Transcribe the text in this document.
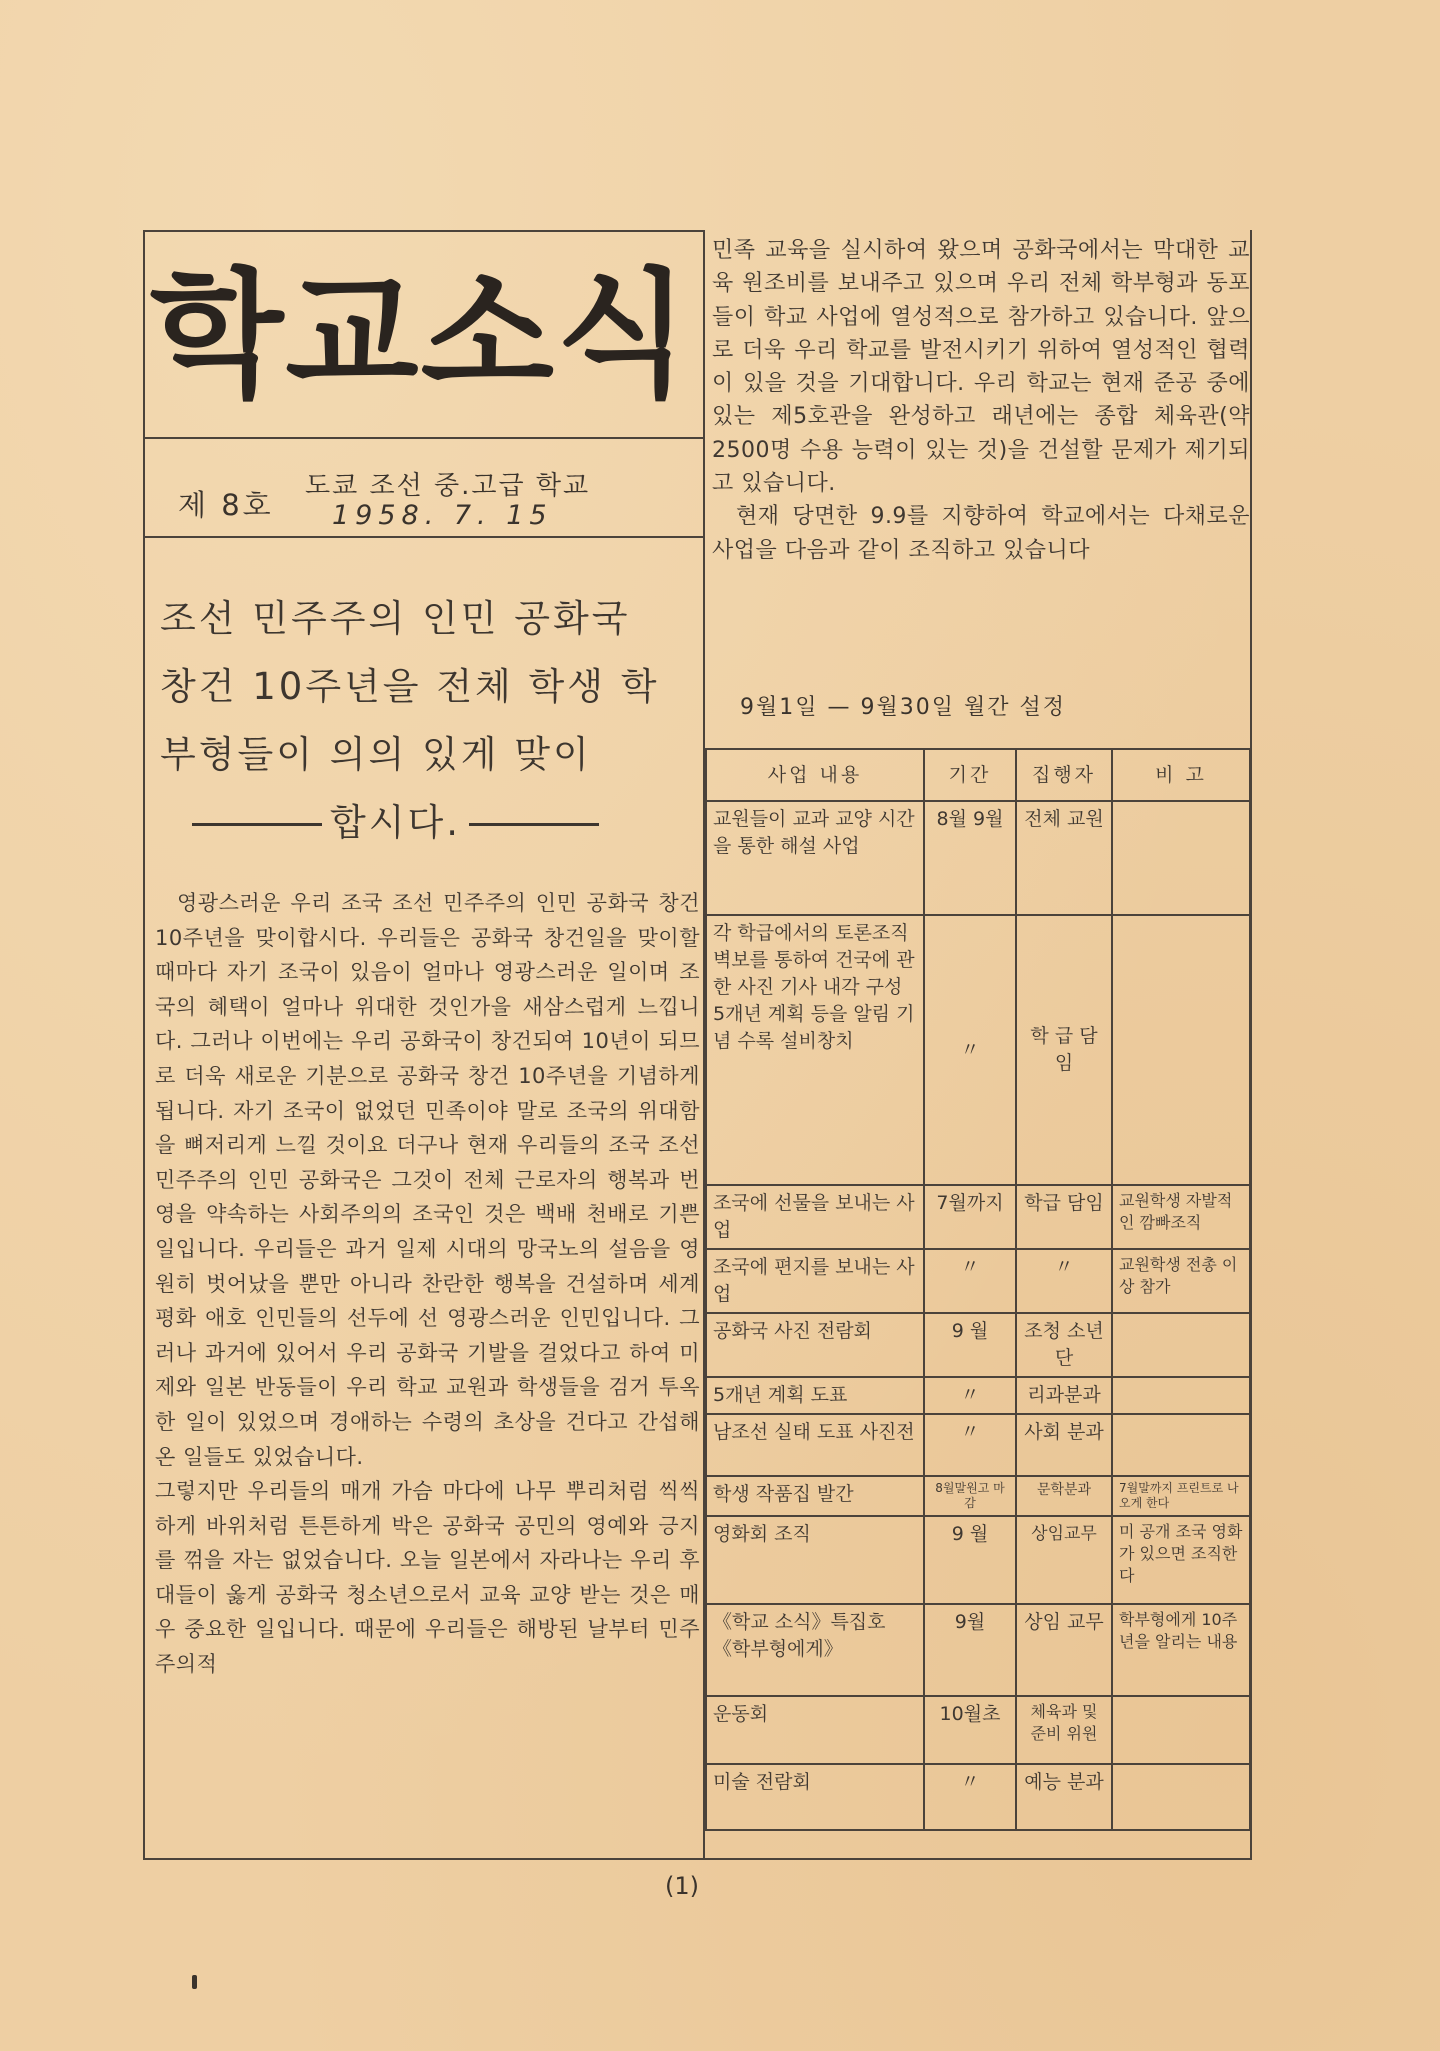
학교소식
제 8호
도쿄 조선 중.고급 학교
1958. 7. 15
조선 민주주의 인민 공화국
창건 10주년을 전체 학생 학
부형들이 의의 있게 맞이
합시다.

영광스러운 우리 조국 조선 민주주의 인민 공화국 창건 10주년을 맞이합시다. 우리들은 공화국 창건일을 맞이할 때마다 자기 조국이 있음이 얼마나 영광스러운 일이며 조국의 혜택이 얼마나 위대한 것인가을 새삼스럽게 느낍니다. 그러나 이번에는 우리 공화국이 창건되여 10년이 되므로 더욱 새로운 기분으로 공화국 창건 10주년을 기념하게 됩니다. 자기 조국이 없었던 민족이야 말로 조국의 위대함을 뼈저리게 느낄 것이요 더구나 현재 우리들의 조국 조선 민주주의 인민 공화국은 그것이 전체 근로자의 행복과 번영을 약속하는 사회주의의 조국인 것은 백배 천배로 기쁜 일입니다. 우리들은 과거 일제 시대의 망국노의 설음을 영원히 벗어났을 뿐만 아니라 찬란한 행복을 건설하며 세계 평화 애호 인민들의 선두에 선 영광스러운 인민입니다. 그러나 과거에 있어서 우리 공화국 기발을 걸었다고 하여 미제와 일본 반동들이 우리 학교 교원과 학생들을 검거 투옥한 일이 있었으며 경애하는 수령의 초상을 건다고 간섭해 온 일들도 있었습니다.

그렇지만 우리들의 매개 가슴 마다에 나무 뿌리처럼 씩씩하게 바위처럼 튼튼하게 박은 공화국 공민의 영예와 긍지를 꺾을 자는 없었습니다. 오늘 일본에서 자라나는 우리 후대들이 옳게 공화국 청소년으로서 교육 교양 받는 것은 매우 중요한 일입니다. 때문에 우리들은 해방된 날부터 민주주의적

민족 교육을 실시하여 왔으며 공화국에서는 막대한 교육 원조비를 보내주고 있으며 우리 전체 학부형과 동포들이 학교 사업에 열성적으로 참가하고 있습니다. 앞으로 더욱 우리 학교를 발전시키기 위하여 열성적인 협력이 있을 것을 기대합니다. 우리 학교는 현재 준공 중에 있는 제5호관을 완성하고 래년에는 종합 체육관(약 2500명 수용 능력이 있는 것)을 건설할 문제가 제기되고 있습니다.

현재 당면한 9.9를 지향하여 학교에서는 다채로운 사업을 다음과 같이 조직하고 있습니다

9월1일 — 9월30일 월간 설정
사업 내용	기간	집행자	비 고
교원들이 교과 교양 시간을 통한 해설 사업	8월 9월	전체 교원	
각 학급에서의 토론조직 벽보를 통하여 건국에 관한 사진 기사 내각 구성 5개년 계획 등을 알림 기념 수록 설비창치	〃	학 급 담 임	
조국에 선물을 보내는 사업	7월까지	학급 담임	교원학생 자발적인 깜빠조직
조국에 편지를 보내는 사업	〃	〃	교원학생 전총 이상 참가
공화국 사진 전람회	9 월	조청 소년단	
5개년 계획 도표	〃	리과분과	
남조선 실태 도표 사진전	〃	사회 분과	
학생 작품집 발간	8월말원고 마감	문학분과	7월말까지 프린트로 나오게 한다
영화회 조직	9 월	상임교무	미 공개 조국 영화가 있으면 조직한다
《학교 소식》특집호 《학부형에게》	9월	상임 교무	학부형에게 10주년을 알리는 내용
운동회	10월초	체육과 및 준비 위원	
미술 전람회	〃	예능 분과	
(1)
